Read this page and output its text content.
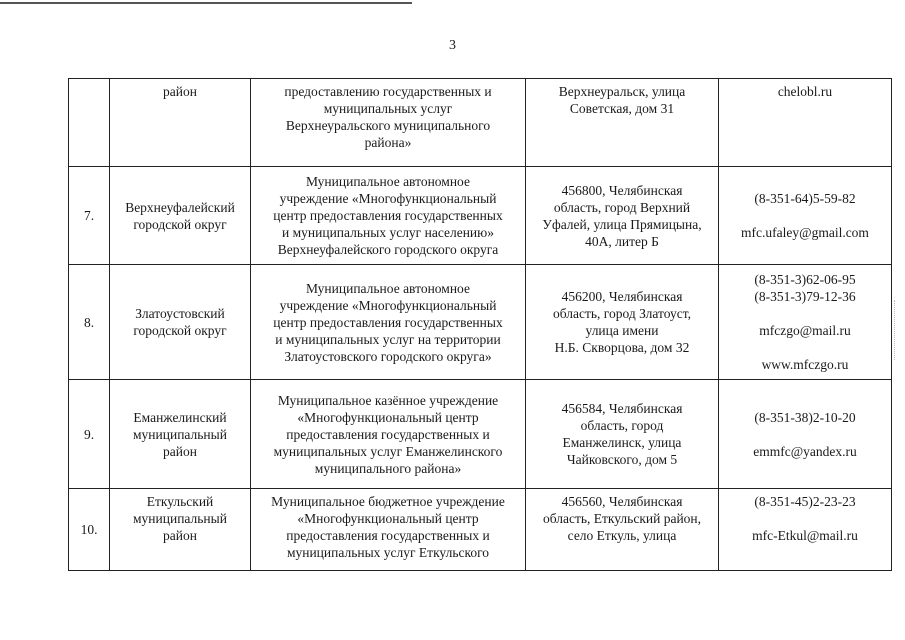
3

	район	предоставлению государственных и
муниципальных услуг
Верхнеуральского муниципального
района»	Верхнеуральск, улица
Советская, дом 31	chelobl.ru

7.	Верхнеуфалейский
городской округ	Муниципальное автономное
учреждение «Многофункциональный
центр предоставления государственных
и муниципальных услуг населению»
Верхнеуфалейского городского округа	456800, Челябинская
область, город Верхний
Уфалей, улица Прямицына,
40А, литер Б	(8-351-64)5-59-82
mfc.ufaley@gmail.com

8.	Златоустовский
городской округ	Муниципальное автономное
учреждение «Многофункциональный
центр предоставления государственных
и муниципальных услуг на территории
Златоустовского городского округа»	456200, Челябинская
область, город Златоуст,
улица имени
Н.Б. Скворцова, дом 32	(8-351-3)62-06-95
(8-351-3)79-12-36
mfczgo@mail.ru
www.mfczgo.ru

9.	Еманжелинский
муниципальный
район	Муниципальное казённое учреждение
«Многофункциональный центр
предоставления государственных и
муниципальных услуг Еманжелинского
муниципального района»	456584, Челябинская
область, город
Еманжелинск, улица
Чайковского, дом 5	(8-351-38)2-10-20
emmfc@yandex.ru

10.	Еткульский
муниципальный
район	Муниципальное бюджетное учреждение
«Многофункциональный центр
предоставления государственных и
муниципальных услуг Еткульского	456560, Челябинская
область, Еткульский район,
село Еткуль, улица	(8-351-45)2-23-23
mfc-Etkul@mail.ru
